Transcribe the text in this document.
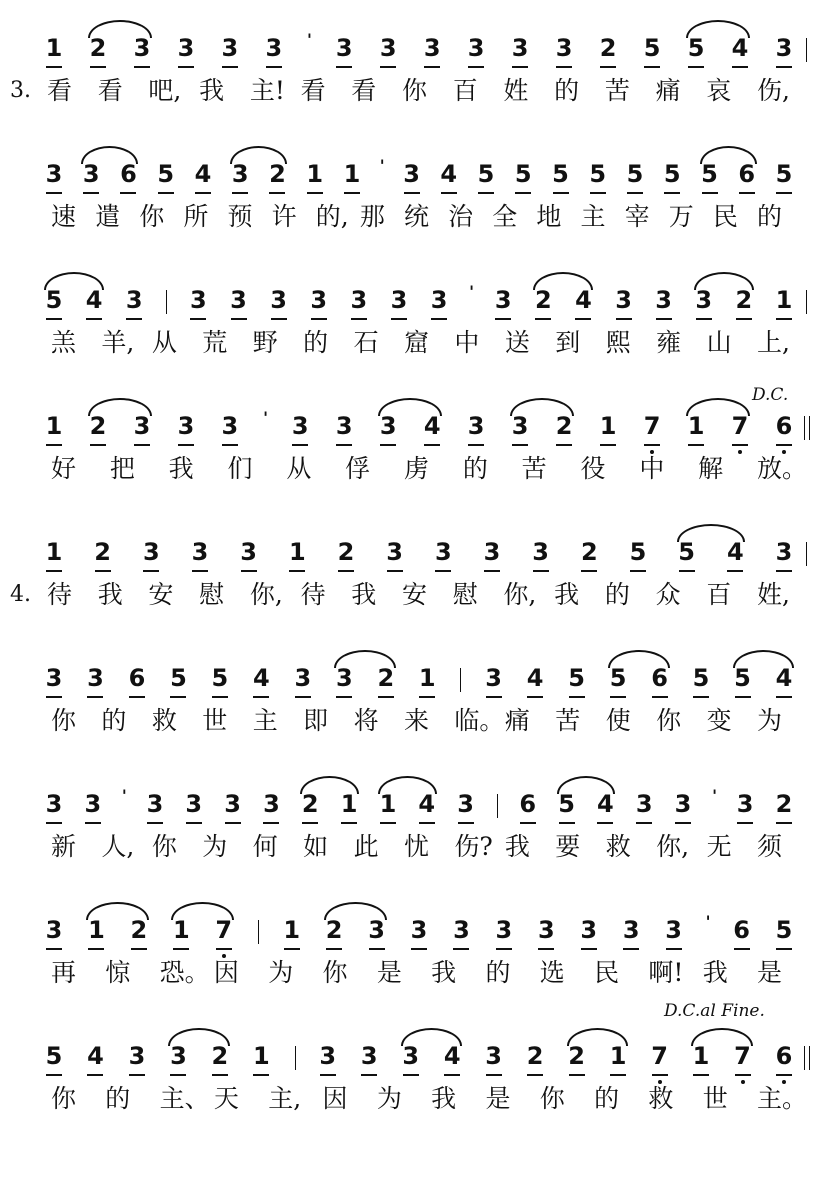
1 2 3 3 3 3 3 3 3 3 3 3 2 5 5 4 3
'
3. 看 看 吧, 我 主! 看 看 你 百 姓 的 苦 痛 哀 伤,
3 3 6 5 4 3 2 1 1 3 4 5 5 5 5 5 5 5 6 5
'
速 遣 你 所 预 许 的, 那 统 治 全 地 主 宰 万 民 的
5 4 3 3 3 3 3 3 3 3 3 2 4 3 3 3 2 1
'
羔 羊, 从 荒 野 的 石 窟 中 送 到 熙 雍 山 上,
1 2 3 3 3 3 3 3 4 3 3 2 1 7 1 7 6
'
好 把 我 们 从 俘 虏 的 苦 役 中 解 放。
1 2 3 3 3 1 2 3 3 3 3 2 5 5 4 3
4. 待 我 安 慰 你, 待 我 安 慰 你, 我 的 众 百 姓,
3 3 6 5 5 4 3 3 2 1 3 4 5 5 6 5 5 4
你 的 救 世 主 即 将 来 临。 痛 苦 使 你 变 为
3 3 3 3 3 3 2 1 1 4 3 6 5 4 3 3 3 2
'	'
新 人, 你 为 何 如 此 忧 伤? 我 要 救 你, 无 须
3 1 2 1 7 1 2 3 3 3 3 3 3 3 3 6 5
'
再 惊 恐。 因 为 你 是 我 的 选 民 啊! 我 是
5 4 3 3 2 1 3 3 3 4 3 2 2 1 7 1 7 6
你 的 主、 天 主, 因 为 我 是 你 的 救 世 主。
D.C.
D.C.al Fine.
